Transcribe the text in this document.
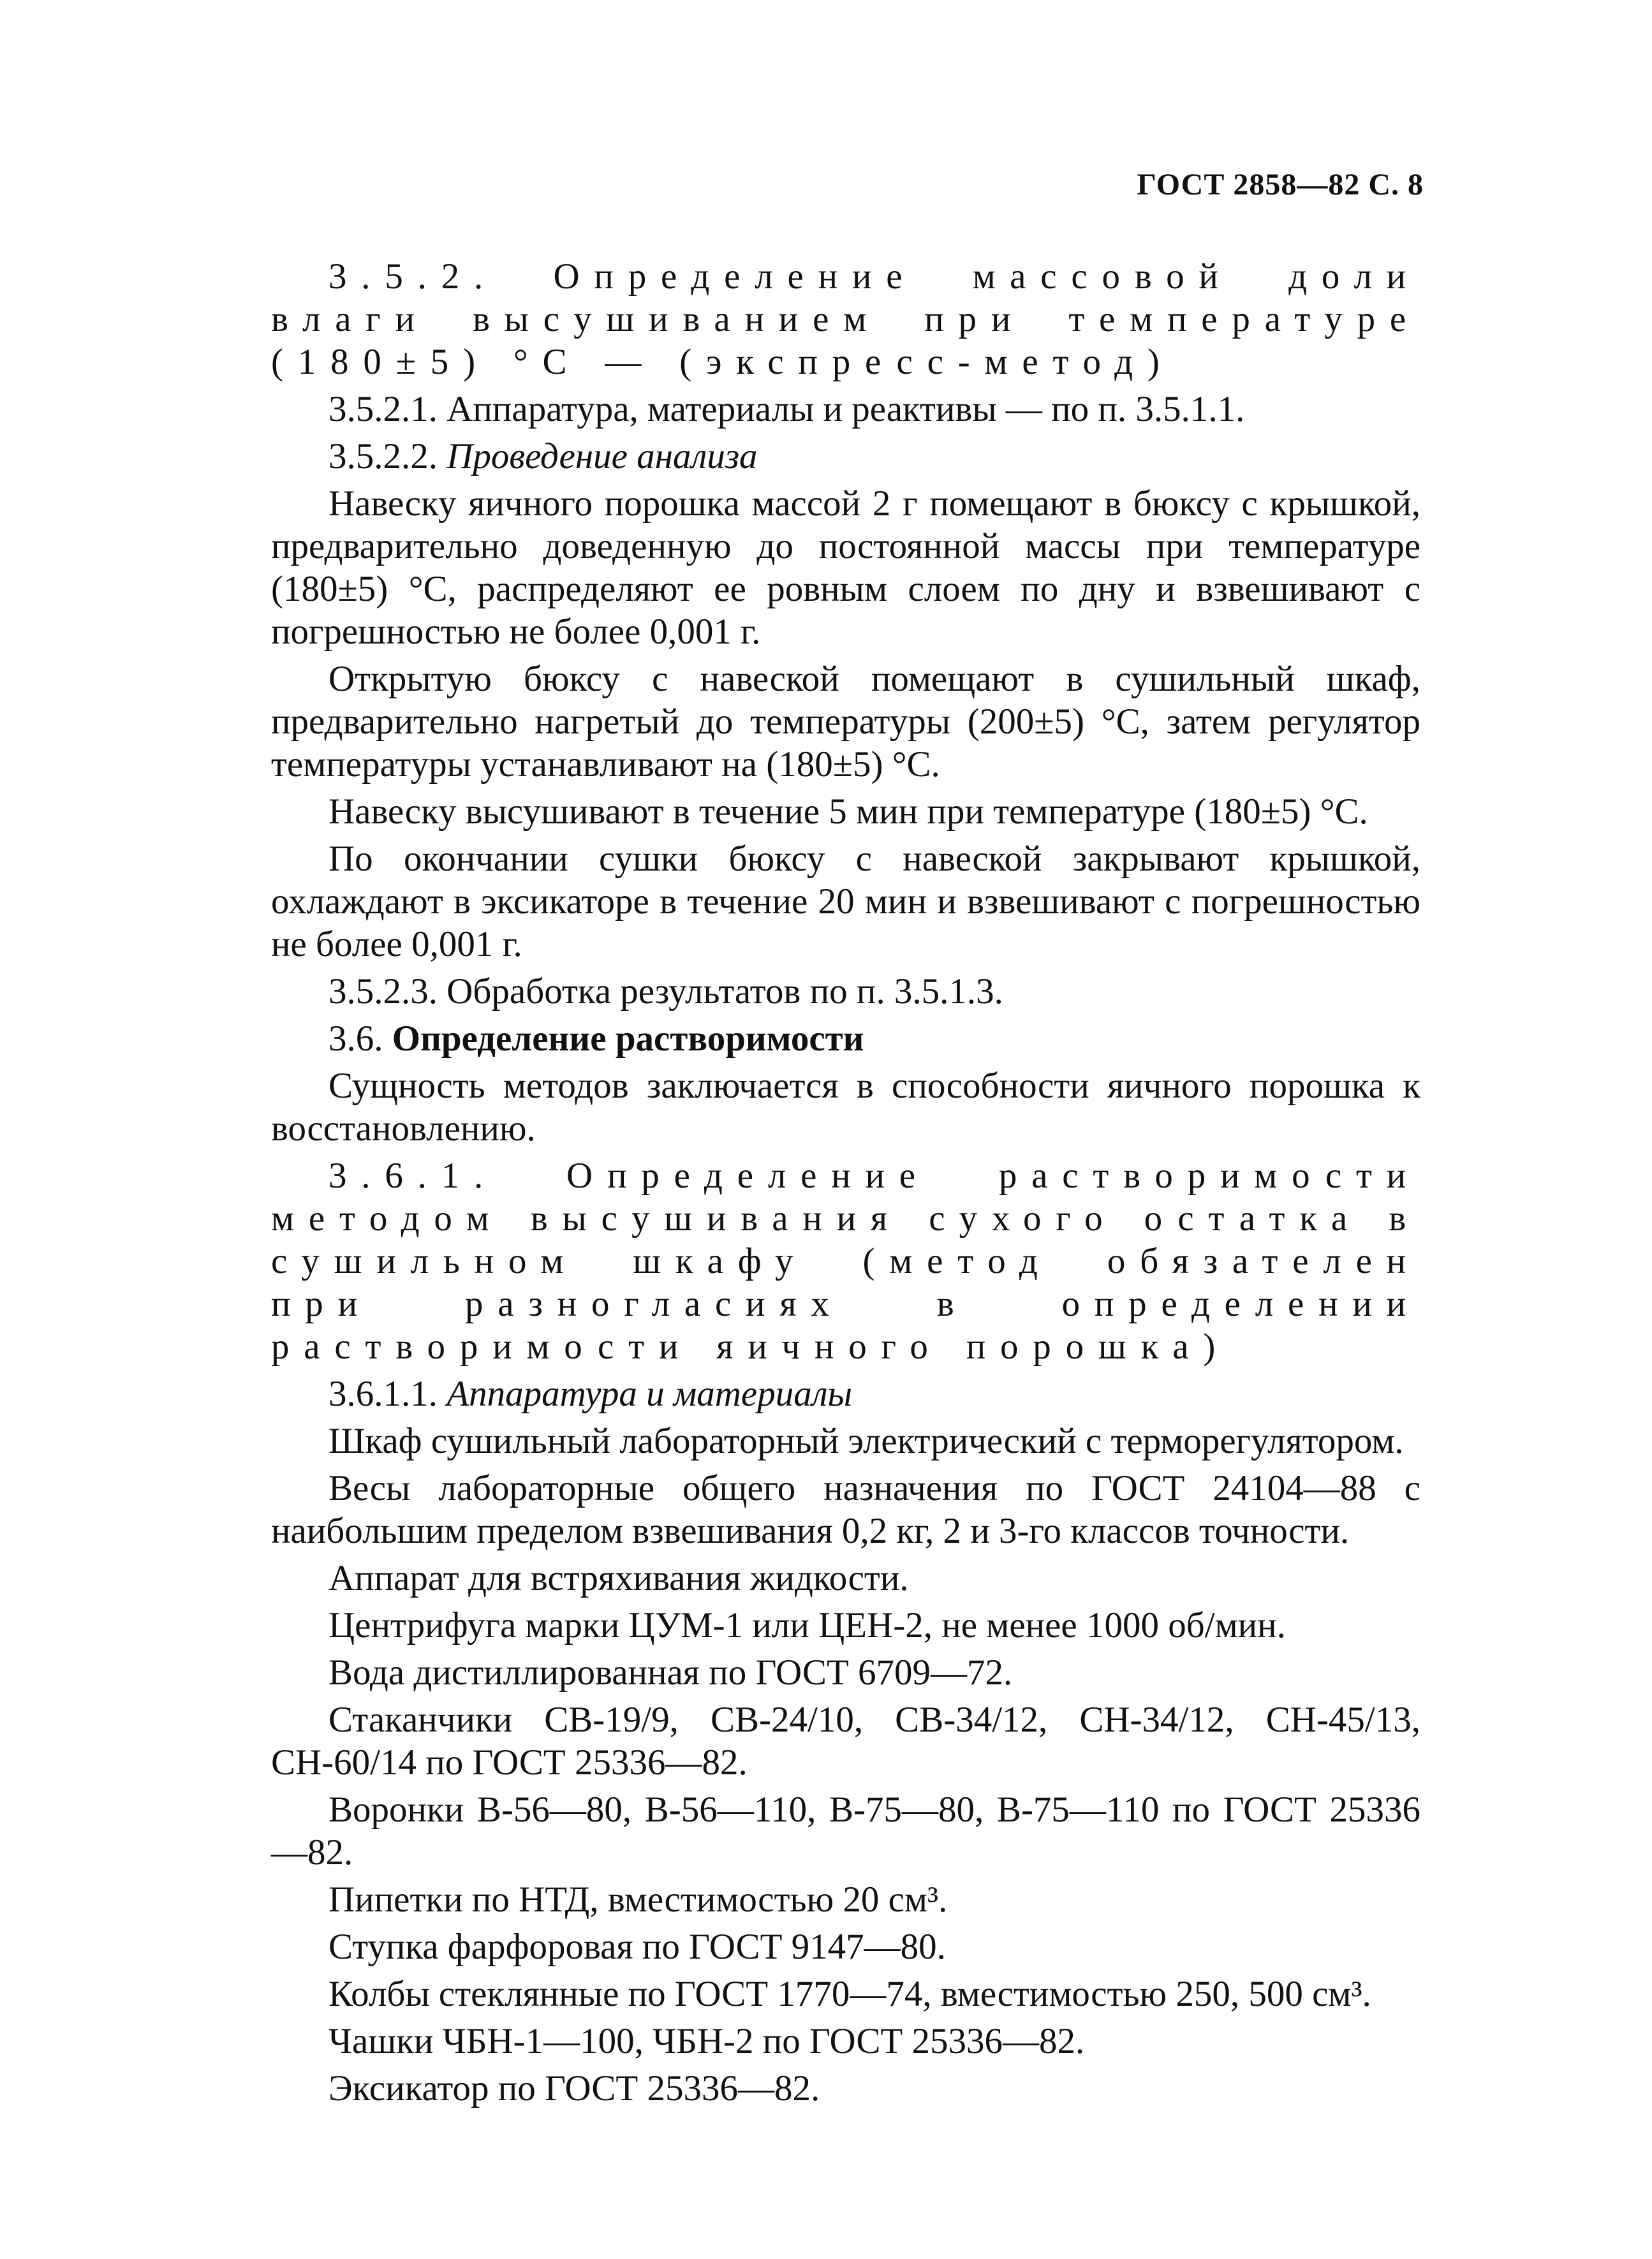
ГОСТ 2858—82 С. 8

3.5.2. Определение массовой доли влаги высушиванием при температуре (180±5) °С — (экспресс-метод)

3.5.2.1. Аппаратура, материалы и реактивы — по п. 3.5.1.1.

3.5.2.2. Проведение анализа

Навеску яичного порошка массой 2 г помещают в бюксу с крышкой, предварительно доведенную до постоянной массы при температуре (180±5) °С, распределяют ее ровным слоем по дну и взвешивают с погрешностью не более 0,001 г.

Открытую бюксу с навеской помещают в сушильный шкаф, предварительно нагретый до температуры (200±5) °С, затем регулятор температуры устанавливают на (180±5) °С.

Навеску высушивают в течение 5 мин при температуре (180±5) °С.

По окончании сушки бюксу с навеской закрывают крышкой, охлаждают в эксикаторе в течение 20 мин и взвешивают с погрешностью не более 0,001 г.

3.5.2.3. Обработка результатов по п. 3.5.1.3.

3.6. Определение растворимости

Сущность методов заключается в способности яичного порошка к восстановлению.

3.6.1. Определение растворимости методом высушивания сухого остатка в сушильном шкафу (метод обязателен при разногласиях в определении растворимости яичного порошка)

3.6.1.1. Аппаратура и материалы

Шкаф сушильный лабораторный электрический с терморегулятором.

Весы лабораторные общего назначения по ГОСТ 24104—88 с наибольшим пределом взвешивания 0,2 кг, 2 и 3-го классов точности.

Аппарат для встряхивания жидкости.

Центрифуга марки ЦУМ-1 или ЦЕН-2, не менее 1000 об/мин.

Вода дистиллированная по ГОСТ 6709—72.

Стаканчики СВ-19/9, СВ-24/10, СВ-34/12, СН-34/12, СН-45/13, СН-60/14 по ГОСТ 25336—82.

Воронки В-56—80, В-56—110, В-75—80, В-75—110 по ГОСТ 25336—82.

Пипетки по НТД, вместимостью 20 см³.

Ступка фарфоровая по ГОСТ 9147—80.

Колбы стеклянные по ГОСТ 1770—74, вместимостью 250, 500 см³.

Чашки ЧБН-1—100, ЧБН-2 по ГОСТ 25336—82.

Эксикатор по ГОСТ 25336—82.
